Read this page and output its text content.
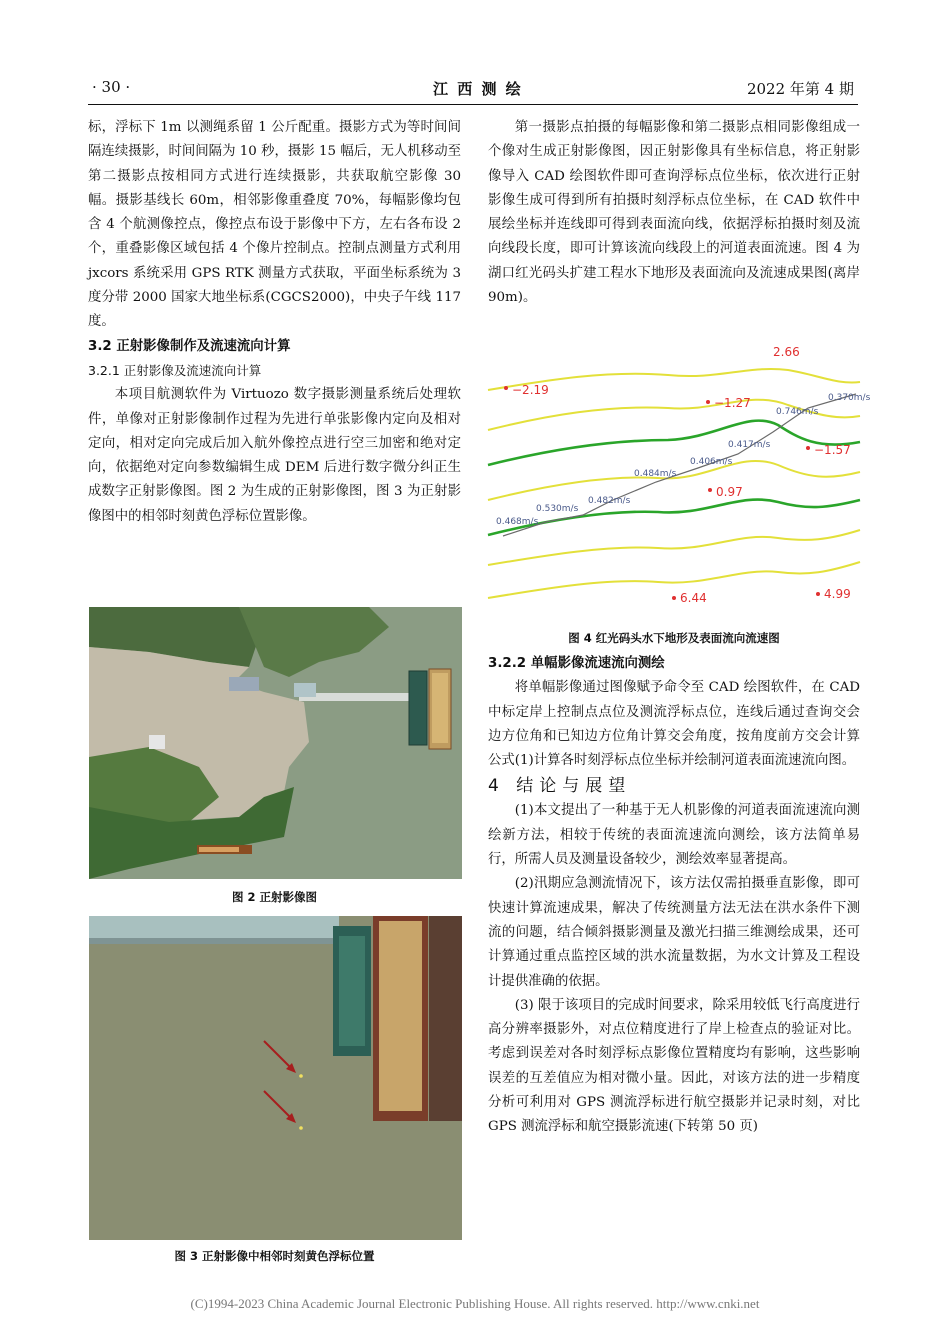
· 30 ·	江 西 测 绘	2022 年第 4 期

标，浮标下 1m 以测绳系留 1 公斤配重。摄影方式为等时间间隔连续摄影，时间间隔为 10 秒，摄影 15 幅后，无人机移动至第二摄影点按相同方式进行连续摄影，共获取航空影像 30 幅。摄影基线长 60m，相邻影像重叠度 70%，每幅影像均包含 4 个航测像控点，像控点布设于影像中下方，左右各布设 2 个，重叠影像区域包括 4 个像片控制点。控制点测量方式利用 jxcors 系统采用 GPS RTK 测量方式获取，平面坐标系统为 3 度分带 2000 国家大地坐标系(CGCS2000)，中央子午线 117 度。

3.2 正射影像制作及流速流向计算

3.2.1 正射影像及流速流向计算

本项目航测软件为 Virtuozo 数字摄影测量系统后处理软件，单像对正射影像制作过程为先进行单张影像内定向及相对定向，相对定向完成后加入航外像控点进行空三加密和绝对定向，依据绝对定向参数编辑生成 DEM 后进行数字微分纠正生成数字正射影像图。图 2 为生成的正射影像图，图 3 为正射影像图中的相邻时刻黄色浮标位置影像。

图 2 正射影像图
图 3 正射影像中相邻时刻黄色浮标位置

第一摄影点拍摄的每幅影像和第二摄影点相同影像组成一个像对生成正射影像图，因正射影像具有坐标信息，将正射影像导入 CAD 绘图软件即可查询浮标点位坐标，依次进行正射影像生成可得到所有拍摄时刻浮标点位坐标，在 CAD 软件中展绘坐标并连线即可得到表面流向线，依据浮标拍摄时刻及流向线段长度，即可计算该流向线段上的河道表面流速。图 4 为湖口红光码头扩建工程水下地形及表面流向及流速成果图(离岸 90m)。

2.66
−2.19
−1.27
−1.57
0.97
6.44	4.99
0.468m/s
0.530m/s
0.482m/s
0.484m/s
0.406m/s
0.417m/s
0.746m/s
0.370m/s
图 4 红光码头水下地形及表面流向流速图

3.2.2 单幅影像流速流向测绘

将单幅影像通过图像赋予命令至 CAD 绘图软件，在 CAD 中标定岸上控制点点位及测流浮标点位，连线后通过查询交会边方位角和已知边方位角计算交会角度，按角度前方交会计算公式(1)计算各时刻浮标点位坐标并绘制河道表面流速流向图。

4 结论与展望

(1)本文提出了一种基于无人机影像的河道表面流速流向测绘新方法，相较于传统的表面流速流向测绘，该方法简单易行，所需人员及测量设备较少，测绘效率显著提高。

(2)汛期应急测流情况下，该方法仅需拍摄垂直影像，即可快速计算流速成果，解决了传统测量方法无法在洪水条件下测流的问题，结合倾斜摄影测量及激光扫描三维测绘成果，还可计算通过重点监控区域的洪水流量数据，为水文计算及工程设计提供准确的依据。

(3) 限于该项目的完成时间要求，除采用较低飞行高度进行高分辨率摄影外，对点位精度进行了岸上检查点的验证对比。考虑到误差对各时刻浮标点影像位置精度均有影响，这些影响误差的互差值应为相对微小量。因此，对该方法的进一步精度分析可利用对 GPS 测流浮标进行航空摄影并记录时刻，对比 GPS 测流浮标和航空摄影流速(下转第 50 页)

(C)1994-2023 China Academic Journal Electronic Publishing House. All rights reserved. http://www.cnki.net
